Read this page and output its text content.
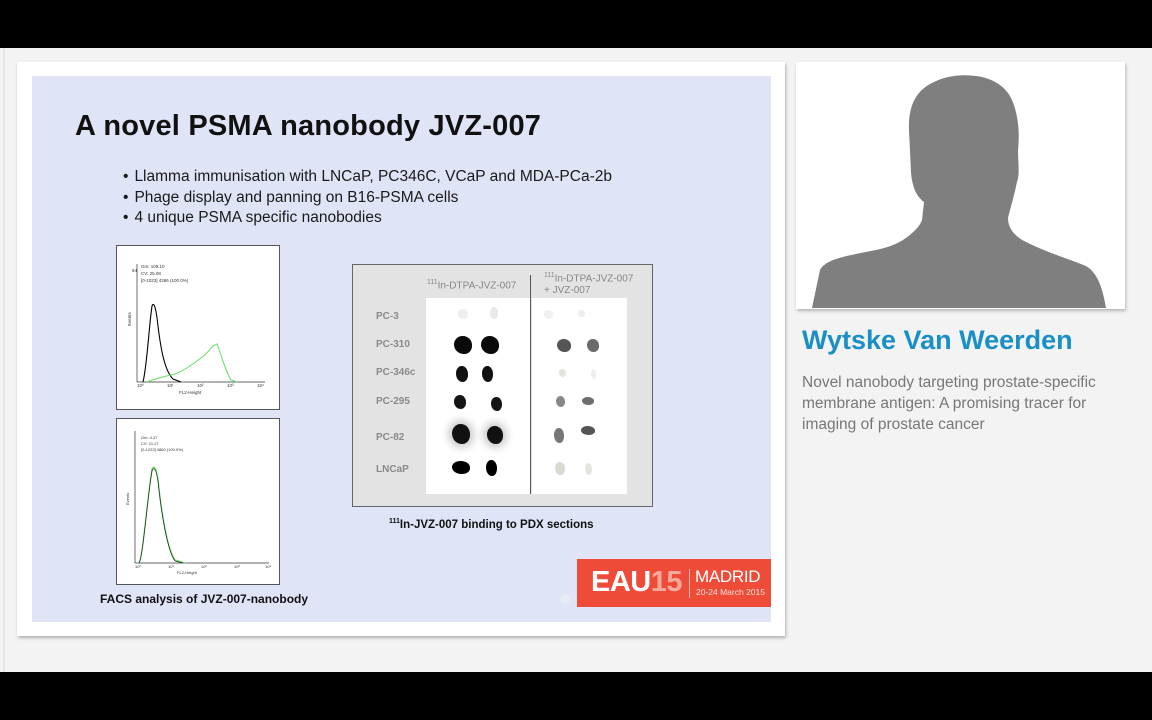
A novel PSMA nanobody JVZ-007
• Llamma immunisation with LNCaP, PC346C, VCaP and MDA-PCa-2b
• Phage display and panning on B16-PSMA cells
• 4 unique PSMA specific nanobodies
Gm: 109.10
CV: 25.08
[0-1023] 4366 (100.0%)
Events
64
FL2-Height
10⁰	10¹	10²	10³	10⁴
Gm: 4.37
CV: 21.27
[0-1023] 4860 (100.0%)
Events
FL2-Height
10⁰	10¹	10²	10³	10⁴
FACS analysis of JVZ-007-nanobody
$^{111}$In-DTPA-JVZ-007
$^{111}$In-DTPA-JVZ-007
+ JVZ-007
PC-3
PC-310
PC-346c
PC-295
PC-82
LNCaP
$^{111}$In-JVZ-007 binding to PDX sections
EAU15 MADRID
20-24 March 2015
Wytske Van Weerden
Novel nanobody targeting prostate-specific membrane antigen: A promising tracer for imaging of prostate cancer
